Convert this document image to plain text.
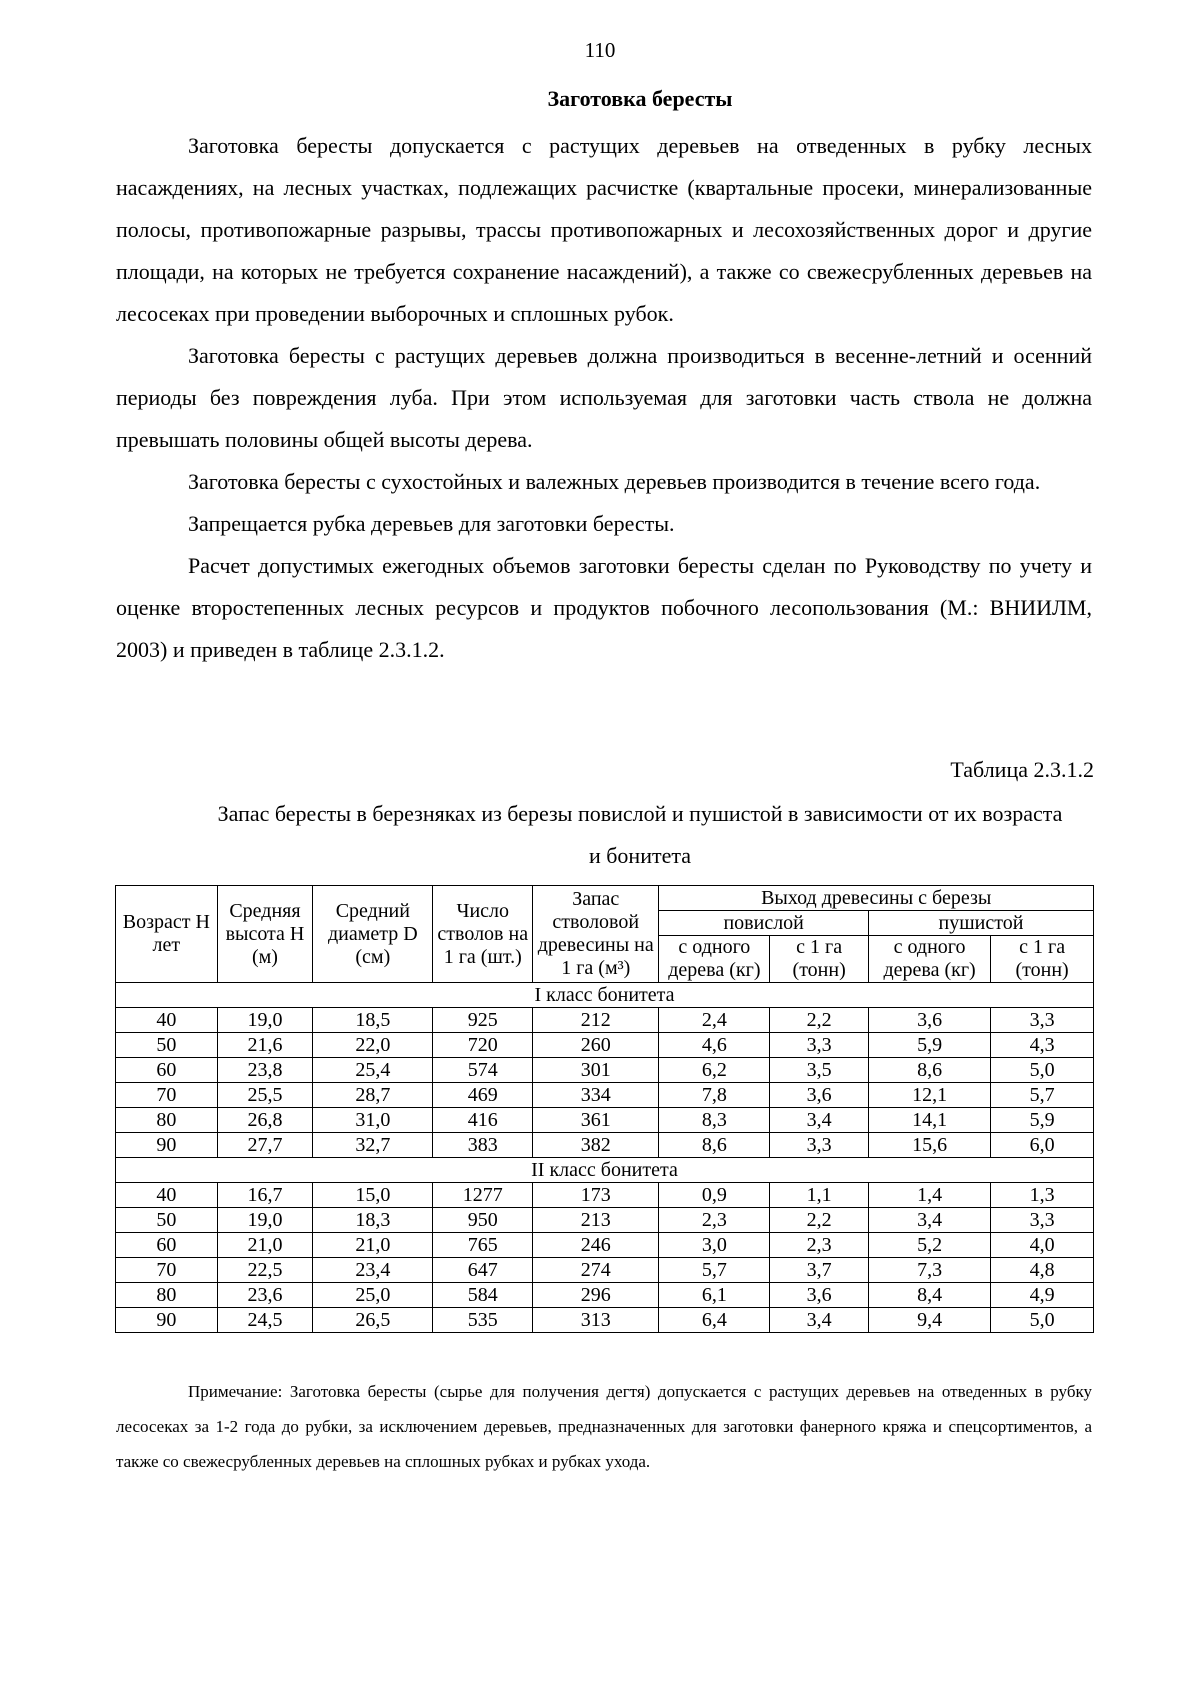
110
Заготовка бересты

Заготовка бересты допускается с растущих деревьев на отведенных в рубку лесных насаждениях, на лесных участках, подлежащих расчистке (квартальные просеки, минерализованные полосы, противопожарные разрывы, трассы противопожарных и лесохозяйственных дорог и другие площади, на которых не требуется сохранение насаждений), а также со свежесрубленных деревьев на лесосеках при проведении выборочных и сплошных рубок.

Заготовка бересты с растущих деревьев должна производиться в весенне-летний и осенний периоды без повреждения луба. При этом используемая для заготовки часть ствола не должна превышать половины общей высоты дерева.

Заготовка бересты с сухостойных и валежных деревьев производится в течение всего года.

Запрещается рубка деревьев для заготовки бересты.

Расчет допустимых ежегодных объемов заготовки бересты сделан по Руководству по учету и оценке второстепенных лесных ресурсов и продуктов побочного лесопользования (М.: ВНИИЛМ, 2003) и приведен в таблице 2.3.1.2.

Таблица 2.3.1.2
Запас бересты в березняках из березы повислой и пушистой в зависимости от их возраста и бонитета
Возраст Н лет	Средняя высота Н (м)	Средний диаметр D (см)	Число стволов на 1 га (шт.)	Запас стволовой древесины на 1 га (м³)	Выход древесины с березы			
					повислой		пушистой	
					с одного дерева (кг)	с 1 га (тонн)	с одного дерева (кг)	с 1 га (тонн)

I класс бонитета								
40	19,0	18,5	925	212	2,4	2,2	3,6	3,3
50	21,6	22,0	720	260	4,6	3,3	5,9	4,3
60	23,8	25,4	574	301	6,2	3,5	8,6	5,0
70	25,5	28,7	469	334	7,8	3,6	12,1	5,7
80	26,8	31,0	416	361	8,3	3,4	14,1	5,9
90	27,7	32,7	383	382	8,6	3,3	15,6	6,0
II класс бонитета								
40	16,7	15,0	1277	173	0,9	1,1	1,4	1,3
50	19,0	18,3	950	213	2,3	2,2	3,4	3,3
60	21,0	21,0	765	246	3,0	2,3	5,2	4,0
70	22,5	23,4	647	274	5,7	3,7	7,3	4,8
80	23,6	25,0	584	296	6,1	3,6	8,4	4,9
90	24,5	26,5	535	313	6,4	3,4	9,4	5,0
Примечание: Заготовка бересты (сырье для получения дегтя) допускается с растущих деревьев на отведенных в рубку лесосеках за 1-2 года до рубки, за исключением деревьев, предназначенных для заготовки фанерного кряжа и спецсортиментов, а также со свежесрубленных деревьев на сплошных рубках и рубках ухода.
